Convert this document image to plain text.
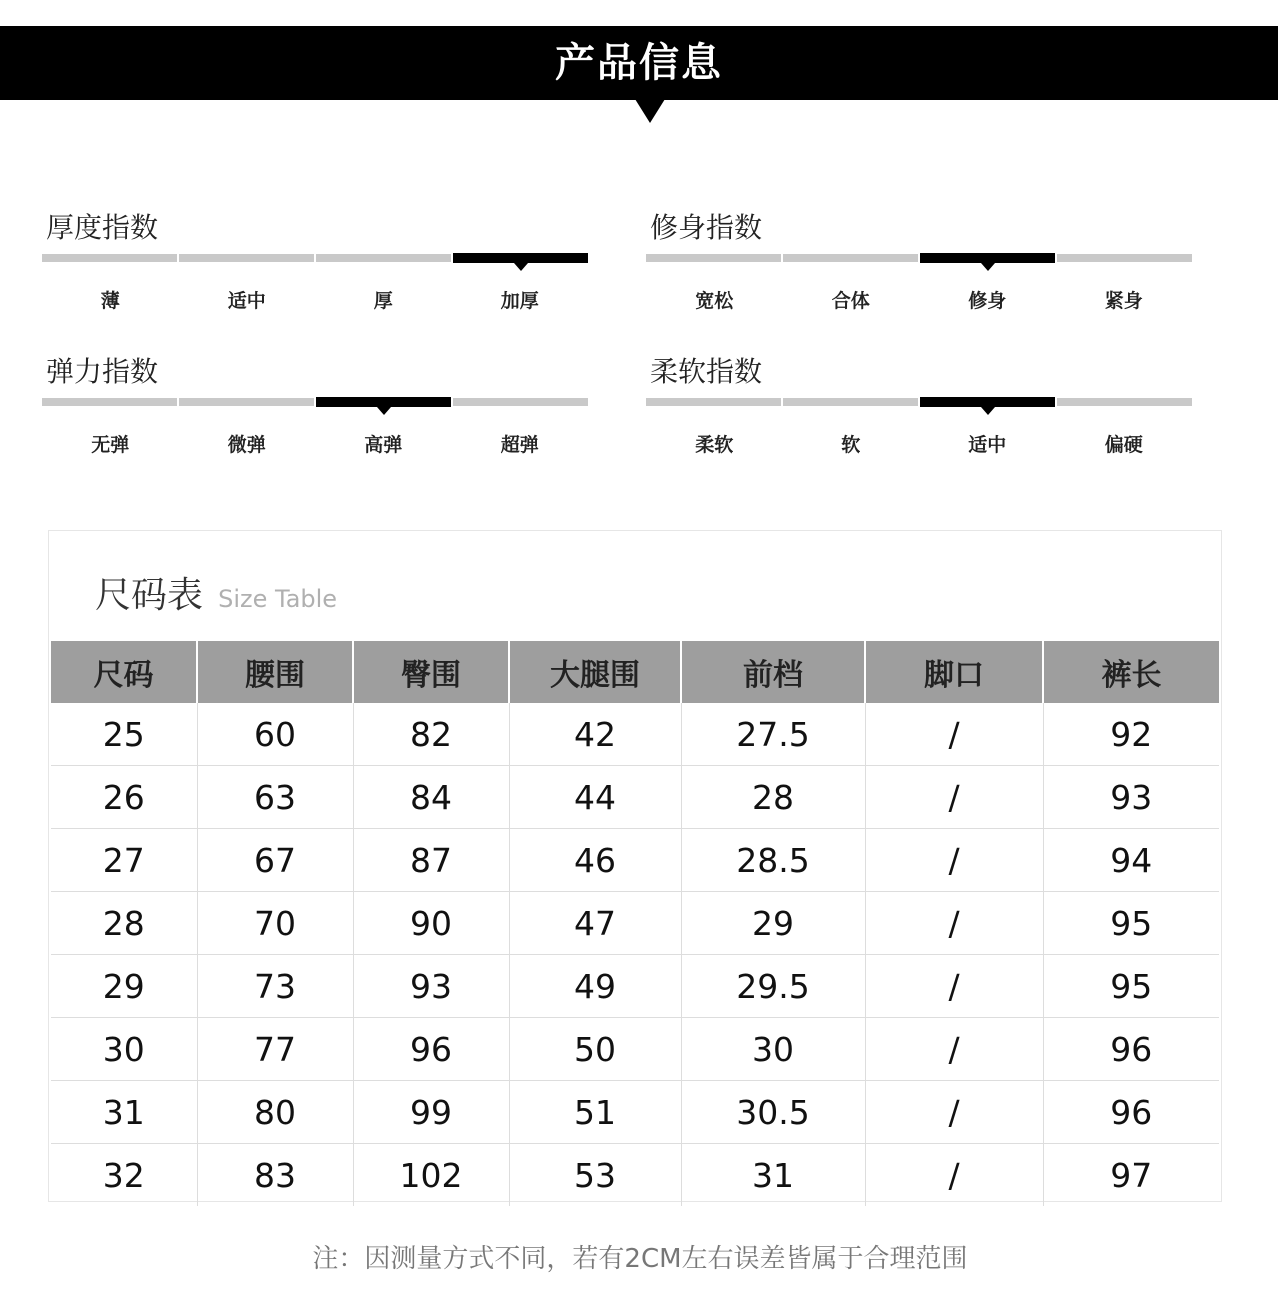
产品信息
厚度指数
薄	适中	厚	加厚
修身指数
宽松	合体	修身	紧身
弹力指数
无弹	微弹	高弹	超弹
柔软指数
柔软	软	适中	偏硬
尺码表 Size Table
尺码	腰围	臀围	大腿围	前档	脚口	裤长
25	60	82	42	27.5	/	92
26	63	84	44	28	/	93
27	67	87	46	28.5	/	94
28	70	90	47	29	/	95
29	73	93	49	29.5	/	95
30	77	96	50	30	/	96
31	80	99	51	30.5	/	96
32	83	102	53	31	/	97
注：因测量方式不同，若有2CM左右误差皆属于合理范围
